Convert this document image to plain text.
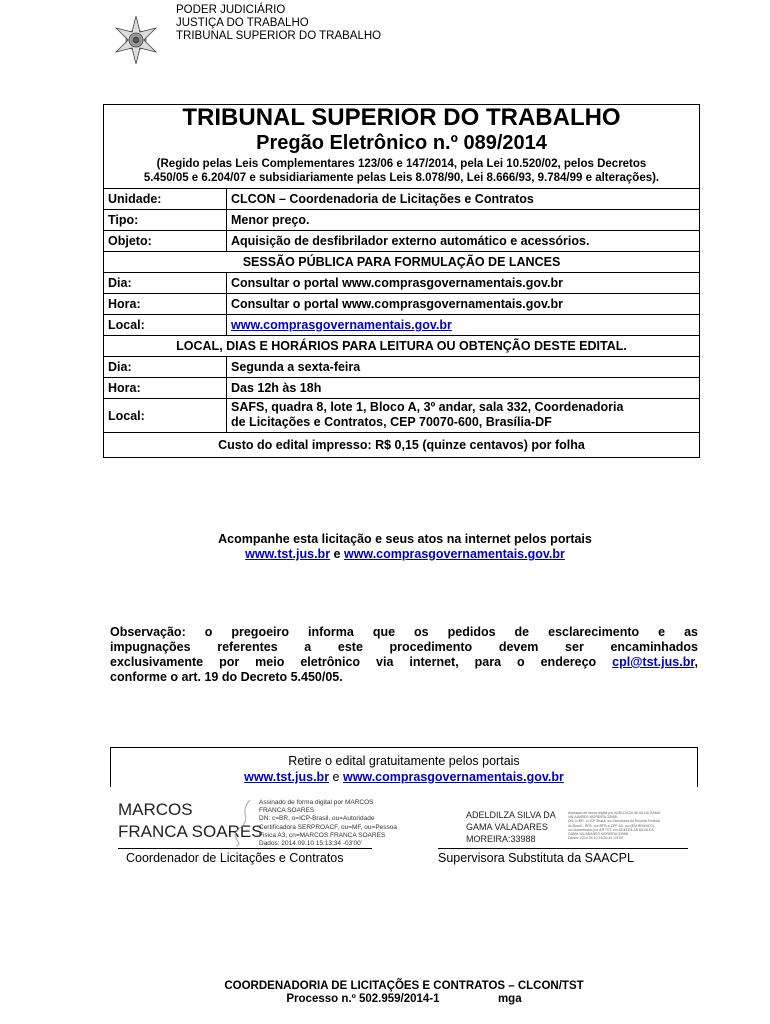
PODER JUDICIÁRIO
JUSTIÇA DO TRABALHO
TRIBUNAL SUPERIOR DO TRABALHO
TRIBUNAL SUPERIOR DO TRABALHO	
Pregão Eletrônico n.º 089/2014	
(Regido pelas Leis Complementares 123/06 e 147/2014, pela Lei 10.520/02, pelos Decretos
5.450/05 e 6.204/07 e subsidiariamente pelas Leis 8.078/90, Lei 8.666/93, 9.784/99 e alterações).	
Unidade:	CLCON – Coordenadoria de Licitações e Contratos
Tipo:	Menor preço.
Objeto:	Aquisição de desfibrilador externo automático e acessórios.
SESSÃO PÚBLICA PARA FORMULAÇÃO DE LANCES	
Dia:	Consultar o portal www.comprasgovernamentais.gov.br
Hora:	Consultar o portal www.comprasgovernamentais.gov.br
Local:	www.comprasgovernamentais.gov.br
LOCAL, DIAS E HORÁRIOS PARA LEITURA OU OBTENÇÃO DESTE EDITAL.	
Dia:	Segunda a sexta-feira
Hora:	Das 12h às 18h
Local:	SAFS, quadra 8, lote 1, Bloco A, 3º andar, sala 332, Coordenadoria
de Licitações e Contratos, CEP 70070-600, Brasília-DF
Custo do edital impresso: R$ 0,15 (quinze centavos) por folha	
Acompanhe esta licitação e seus atos na internet pelos portais
www.tst.jus.br e www.comprasgovernamentais.gov.br
Observação: o pregoeiro informa que os pedidos de esclarecimento e as
impugnações referentes a este procedimento devem ser encaminhados
exclusivamente por meio eletrônico via internet, para o endereço cpl@tst.jus.br,
conforme o art. 19 do Decreto 5.450/05.
Retire o edital gratuitamente pelos portais
www.tst.jus.br e www.comprasgovernamentais.gov.br
MARCOS
FRANCA SOARES
Assinado de forma digital por MARCOS
FRANCA SOARES
DN: c=BR, o=ICP-Brasil, ou=Autoridade
Certificadora SERPROACF, ou=MF, ou=Pessoa
Fisica A3, cn=MARCOS FRANCA SOARES
Dados: 2014.09.10 15:13:34 -03'00'
ADELDILZA SILVA DA
GAMA VALADARES
MOREIRA:33988
Assinado de forma digital por ADELDILZA SILVA DA GAMA
VALADARES MOREIRA:33988
DN: c=BR, o=ICP-Brasil, ou=Secretaria da Receita Federal
do Brasil - RFB, ou=RFB e-CPF A3, ou=(EM BRANCO),
ou=Autenticado por AR TST, cn=ADELDILZA SILVA DA
GAMA VALADARES MOREIRA:33988
Dados: 2014.09.10 15:20:44 -03'00'
Coordenador de Licitações e Contratos	Supervisora Substituta da SAACPL
COORDENADORIA DE LICITAÇÕES E CONTRATOS – CLCON/TST
Processo n.º 502.959/2014-1	mga
